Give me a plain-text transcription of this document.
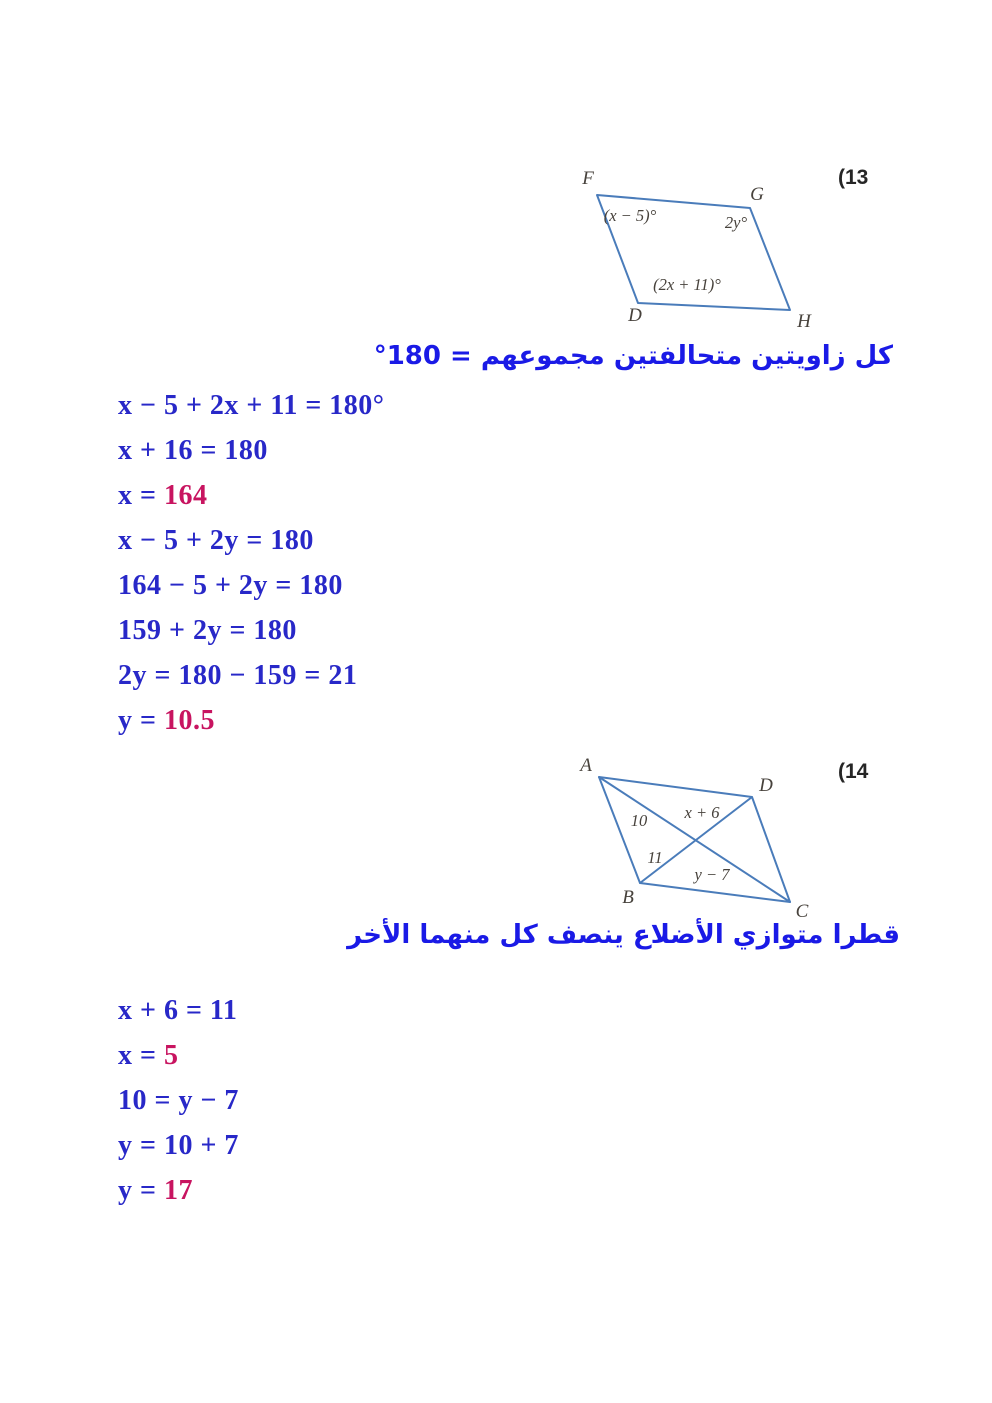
F
G
D	H
(x − 5)°	2y°
(2x + 11)°
(13
كل زاويتين متحالفتين مجموعهم = 180°
x − 5 + 2x + 11 = 180°
x + 16 = 180
x = 164
x − 5 + 2y = 180
164 − 5 + 2y = 180
159 + 2y = 180
2y = 180 − 159 = 21
y = 10.5
A
D
B
C
10 x + 6
11
y − 7
(14
قطرا متوازي الأضلاع ينصف كل منهما الأخر
x + 6 = 11
x = 5
10 = y − 7
y = 10 + 7
y = 17
